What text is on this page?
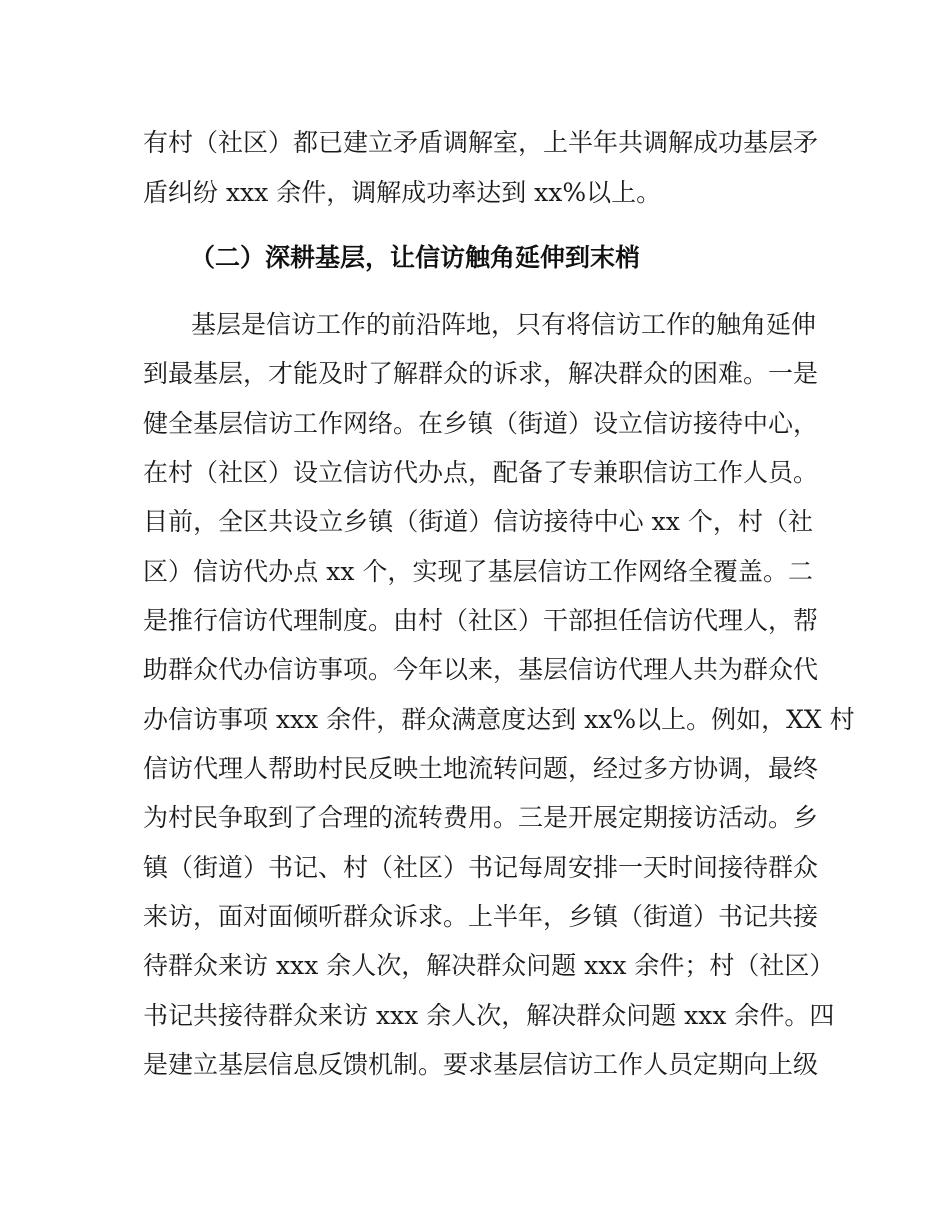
有村（社区）都已建立矛盾调解室，上半年共调解成功基层矛
盾纠纷 xxx 余件，调解成功率达到 xx%以上。
（二）深耕基层，让信访触角延伸到末梢
基层是信访工作的前沿阵地，只有将信访工作的触角延伸
到最基层，才能及时了解群众的诉求，解决群众的困难。一是
健全基层信访工作网络。在乡镇（街道）设立信访接待中心，
在村（社区）设立信访代办点，配备了专兼职信访工作人员。
目前，全区共设立乡镇（街道）信访接待中心 xx 个，村（社
区）信访代办点 xx 个，实现了基层信访工作网络全覆盖。二
是推行信访代理制度。由村（社区）干部担任信访代理人，帮
助群众代办信访事项。今年以来，基层信访代理人共为群众代
办信访事项 xxx 余件，群众满意度达到 xx%以上。例如，XX 村
信访代理人帮助村民反映土地流转问题，经过多方协调，最终
为村民争取到了合理的流转费用。三是开展定期接访活动。乡
镇（街道）书记、村（社区）书记每周安排一天时间接待群众
来访，面对面倾听群众诉求。上半年，乡镇（街道）书记共接
待群众来访 xxx 余人次，解决群众问题 xxx 余件；村（社区）
书记共接待群众来访 xxx 余人次，解决群众问题 xxx 余件。四
是建立基层信息反馈机制。要求基层信访工作人员定期向上级
